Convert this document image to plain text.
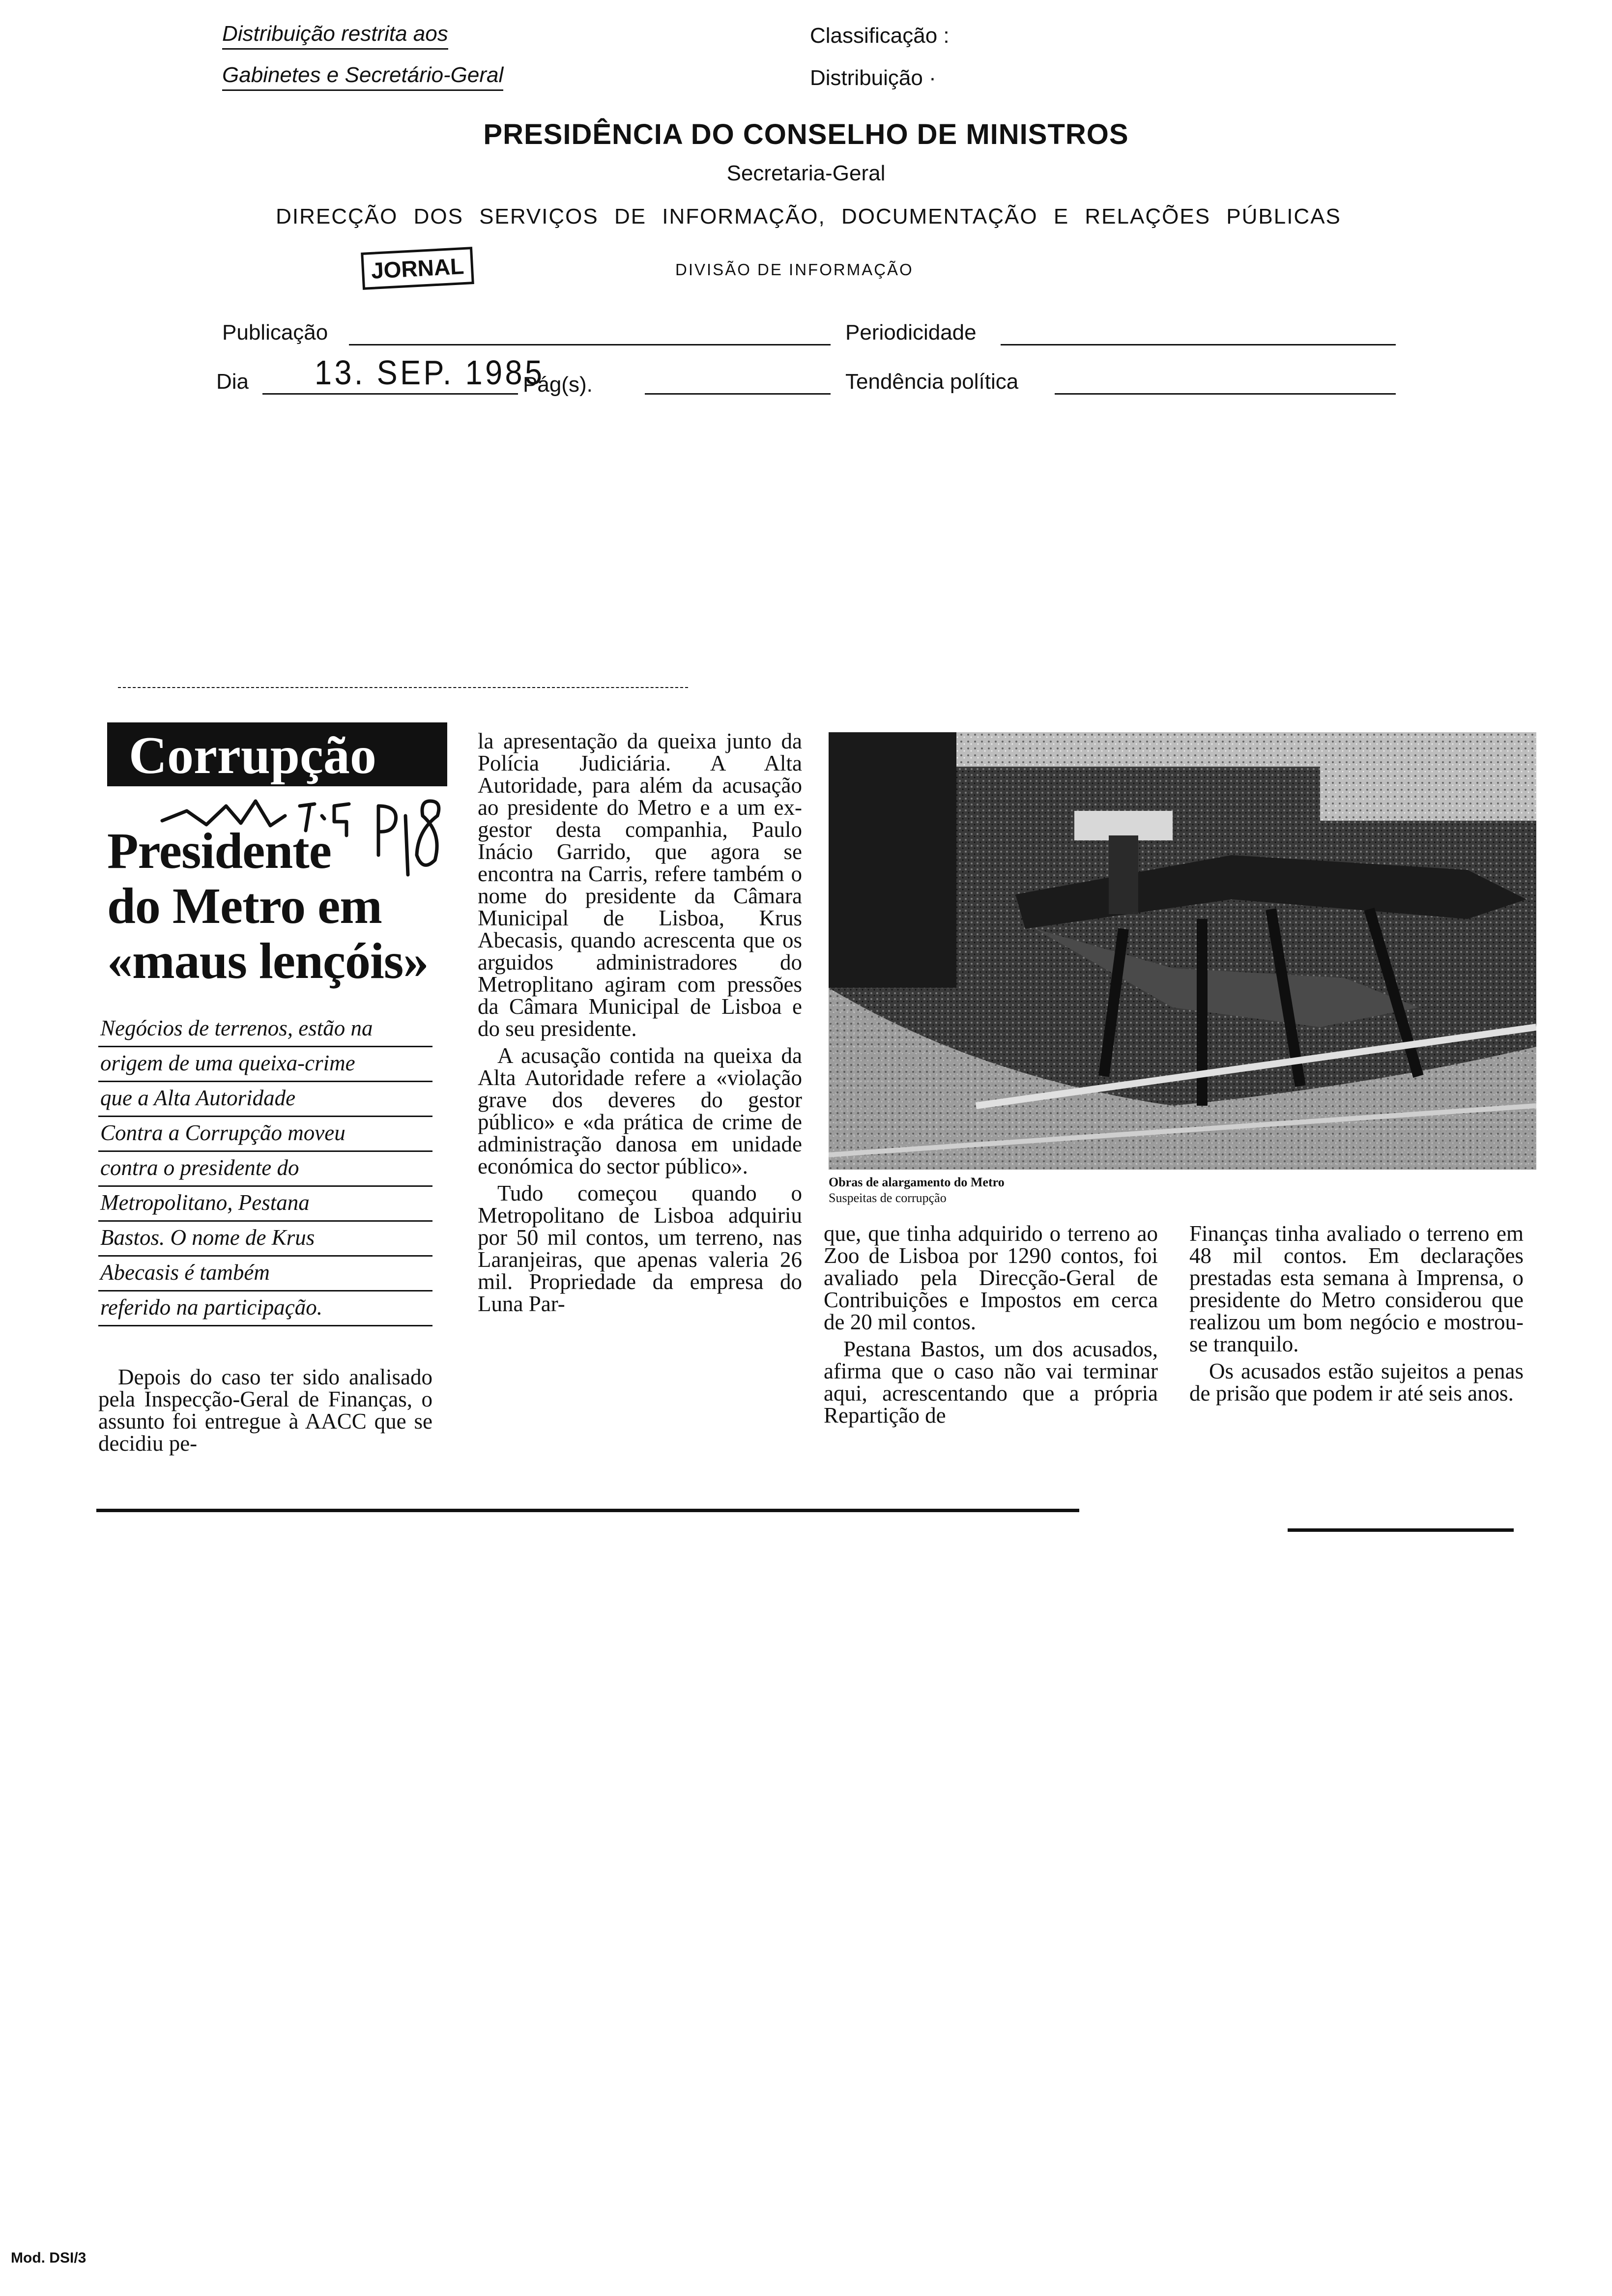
Distribuição restrita aos
Gabinetes e Secretário-Geral
Classificação :
Distribuição ·
PRESIDÊNCIA DO CONSELHO DE MINISTROS
Secretaria-Geral
DIRECÇÃO DOS SERVIÇOS DE INFORMAÇÃO, DOCUMENTAÇÃO E RELAÇÕES PÚBLICAS
JORNAL	DIVISÃO DE INFORMAÇÃO
Publicação	Periodicidade
Dia 13. SEP. 1985
Pág(s).	Tendência política
Corrupção
Presidente
do Metro em
«maus lençóis»
Negócios de terrenos, estão na
origem de uma queixa-crime
que a Alta Autoridade
Contra a Corrupção moveu
contra o presidente do
Metropolitano, Pestana
Bastos. O nome de Krus
Abecasis é também
referido na participação.

Depois do caso ter sido analisado pela Inspecção-Geral de Finanças, o assunto foi entregue à AACC que se decidiu pe-

la apresentação da queixa junto da Polícia Judiciária. A Alta Autoridade, para além da acusação ao presidente do Metro e a um ex-gestor desta companhia, Paulo Inácio Garrido, que agora se encontra na Carris, refere também o nome do presidente da Câmara Municipal de Lisboa, Krus Abecasis, quando acrescenta que os arguidos administradores do Metroplitano agiram com pressões da Câmara Municipal de Lisboa e do seu presidente.

A acusação contida na queixa da Alta Autoridade refere a «violação grave dos deveres do gestor público» e «da prática de crime de administração danosa em unidade económica do sector público».

Tudo começou quando o Metropolitano de Lisboa adquiriu por 50 mil contos, um terreno, nas Laranjeiras, que apenas valeria 26 mil. Propriedade da empresa do Luna Par-

Obras de alargamento do Metro
Suspeitas de corrupção

que, que tinha adquirido o terreno ao Zoo de Lisboa por 1290 contos, foi avaliado pela Direcção-Geral de Contribuições e Impostos em cerca de 20 mil contos.

Pestana Bastos, um dos acusados, afirma que o caso não vai terminar aqui, acrescentando que a própria Repartição de

Finanças tinha avaliado o terreno em 48 mil contos. Em declarações prestadas esta semana à Imprensa, o presidente do Metro considerou que realizou um bom negócio e mostrou-se tranquilo.

Os acusados estão sujeitos a penas de prisão que podem ir até seis anos.

Mod. DSI/3
